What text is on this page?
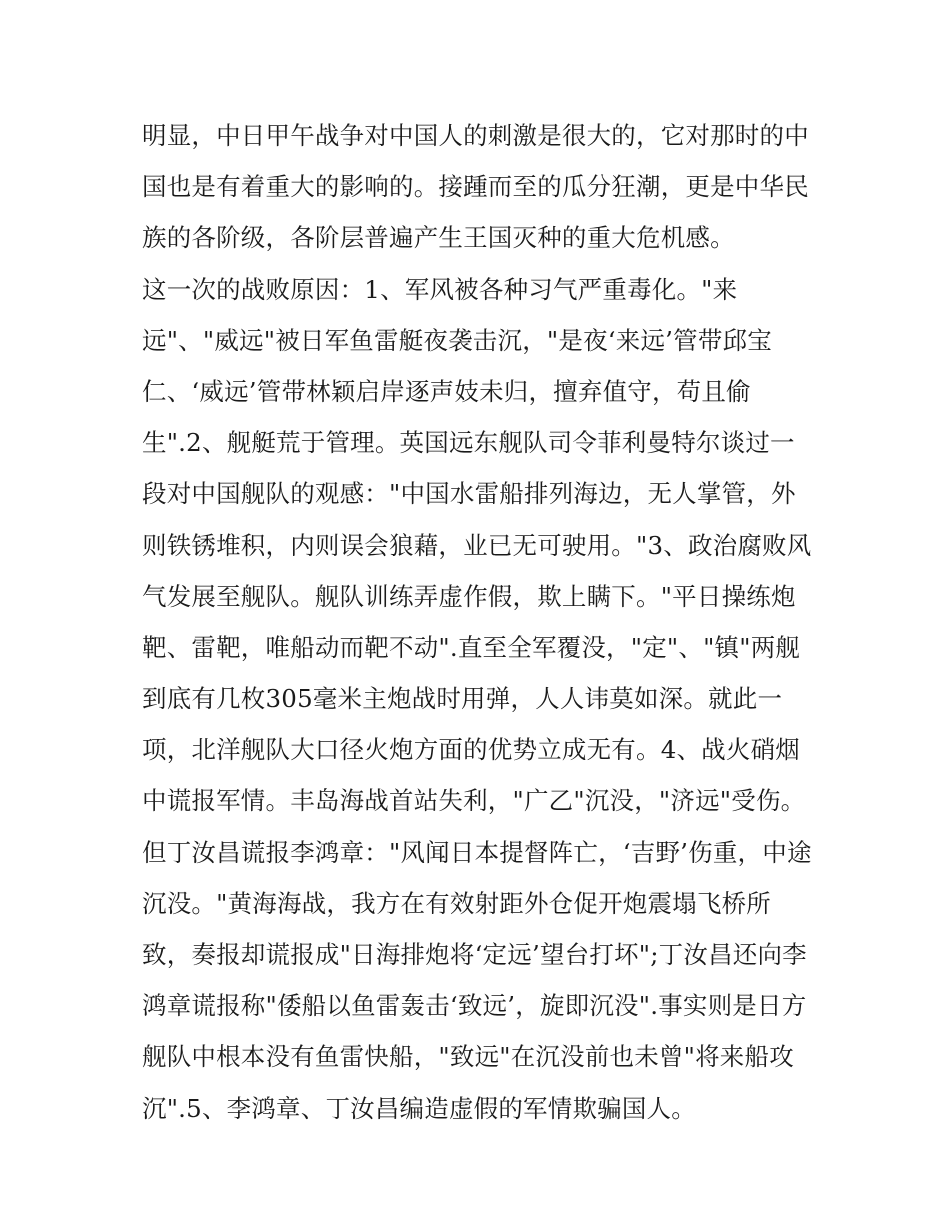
明显，中日甲午战争对中国人的刺激是很大的，它对那时的中
国也是有着重大的影响的。接踵而至的瓜分狂潮，更是中华民
族的各阶级，各阶层普遍产生王国灭种的重大危机感。
这一次的战败原因：1、军风被各种习气严重毒化。"来
远"、"威远"被日军鱼雷艇夜袭击沉，"是夜‘来远’管带邱宝
仁、‘威远’管带林颖启岸逐声妓未归，擅弃值守，苟且偷
生".2、舰艇荒于管理。英国远东舰队司令菲利曼特尔谈过一
段对中国舰队的观感："中国水雷船排列海边，无人掌管，外
则铁锈堆积，内则误会狼藉，业已无可驶用。"3、政治腐败风
气发展至舰队。舰队训练弄虚作假，欺上瞒下。"平日操练炮
靶、雷靶，唯船动而靶不动".直至全军覆没，"定"、"镇"两舰
到底有几枚305毫米主炮战时用弹，人人讳莫如深。就此一
项，北洋舰队大口径火炮方面的优势立成无有。4、战火硝烟
中谎报军情。丰岛海战首站失利，"广乙"沉没，"济远"受伤。
但丁汝昌谎报李鸿章："风闻日本提督阵亡，‘吉野’伤重，中途
沉没。"黄海海战，我方在有效射距外仓促开炮震塌飞桥所
致，奏报却谎报成"日海排炮将‘定远’望台打坏";丁汝昌还向李
鸿章谎报称"倭船以鱼雷轰击‘致远’，旋即沉没".事实则是日方
舰队中根本没有鱼雷快船，"致远"在沉没前也未曾"将来船攻
沉".5、李鸿章、丁汝昌编造虚假的军情欺骗国人。
